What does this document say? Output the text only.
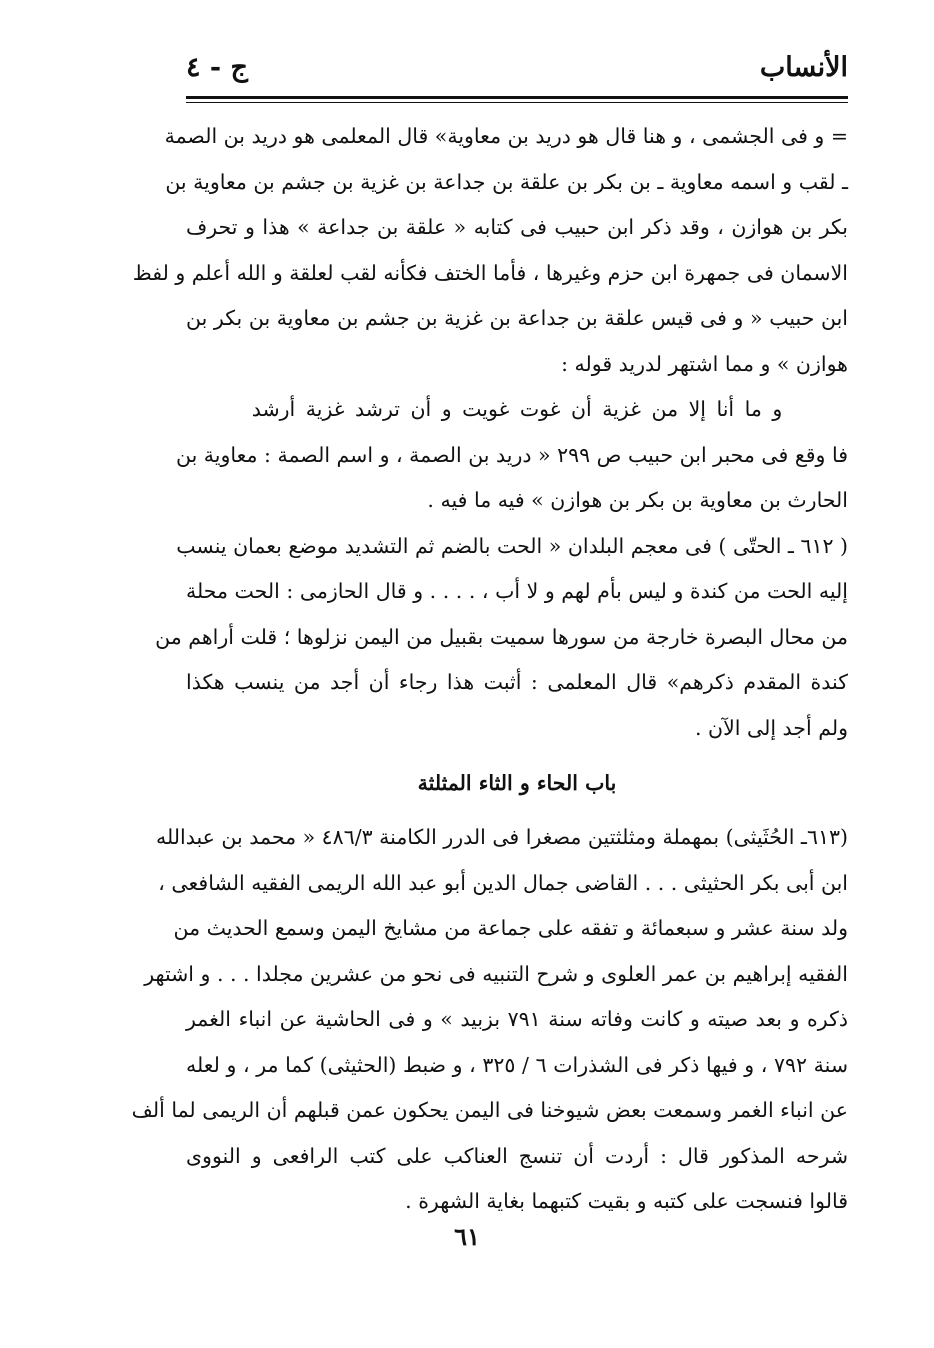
الأنساب
ج - ٤
= و فى الجشمى ، و هنا قال هو دريد بن معاوية» قال المعلمى هو دريد بن الصمة
ـ لقب و اسمه معاوية ـ بن بكر بن علقة بن جداعة بن غزية بن جشم بن معاوية بن
بكر بن هوازن ، وقد ذكر ابن حبيب فى كتابه « علقة بن جداعة » هذا و تحرف
الاسمان فى جمهرة ابن حزم وغيرها ، فأما الختف فكأنه لقب لعلقة و الله أعلم و لفظ
ابن حبيب « و فى قيس علقة بن جداعة بن غزية بن جشم بن معاوية بن بكر بن
هوازن » و مما اشتهر لدريد قوله :
و ما أنا إلا من غزية أن غوت غويت و أن ترشد غزية أرشد
فا وقع فى محبر ابن حبيب ص ٢٩٩ « دريد بن الصمة ، و اسم الصمة : معاوية بن
الحارث بن معاوية بن بكر بن هوازن » فيه ما فيه .
( ٦١٢ ـ الحتّى ) فى معجم البلدان « الحت بالضم ثم التشديد موضع بعمان ينسب
إليه الحت من كندة و ليس بأم لهم و لا أب ، . . . . و قال الحازمى : الحت محلة
من محال البصرة خارجة من سورها سميت بقبيل من اليمن نزلوها ؛ قلت أراهم من
كندة المقدم ذكرهم» قال المعلمى : أثبت هذا رجاء أن أجد من ينسب هكذا
ولم أجد إلى الآن .
باب الحاء و الثاء المثلثة
(٦١٣ـ الحُثَيثى) بمهملة ومثلثتين مصغرا فى الدرر الكامنة ٤٨٦/٣ « محمد بن عبدالله
ابن أبى بكر الحثيثى . . . القاضى جمال الدين أبو عبد الله الريمى الفقيه الشافعى ،
ولد سنة عشر و سبعمائة و تفقه على جماعة من مشايخ اليمن وسمع الحديث من
الفقيه إبراهيم بن عمر العلوى و شرح التنبيه فى نحو من عشرين مجلدا . . . و اشتهر
ذكره و بعد صيته و كانت وفاته سنة ٧٩١ بزبيد » و فى الحاشية عن انباء الغمر
سنة ٧٩٢ ، و فيها ذكر فى الشذرات ٦ / ٣٢٥ ، و ضبط (الحثيثى) كما مر ، و لعله
عن انباء الغمر وسمعت بعض شيوخنا فى اليمن يحكون عمن قبلهم أن الريمى لما ألف
شرحه المذكور قال : أردت أن تنسج العناكب على كتب الرافعى و النووى
قالوا فنسجت على كتبه و بقيت كتبهما بغاية الشهرة .
٦١
